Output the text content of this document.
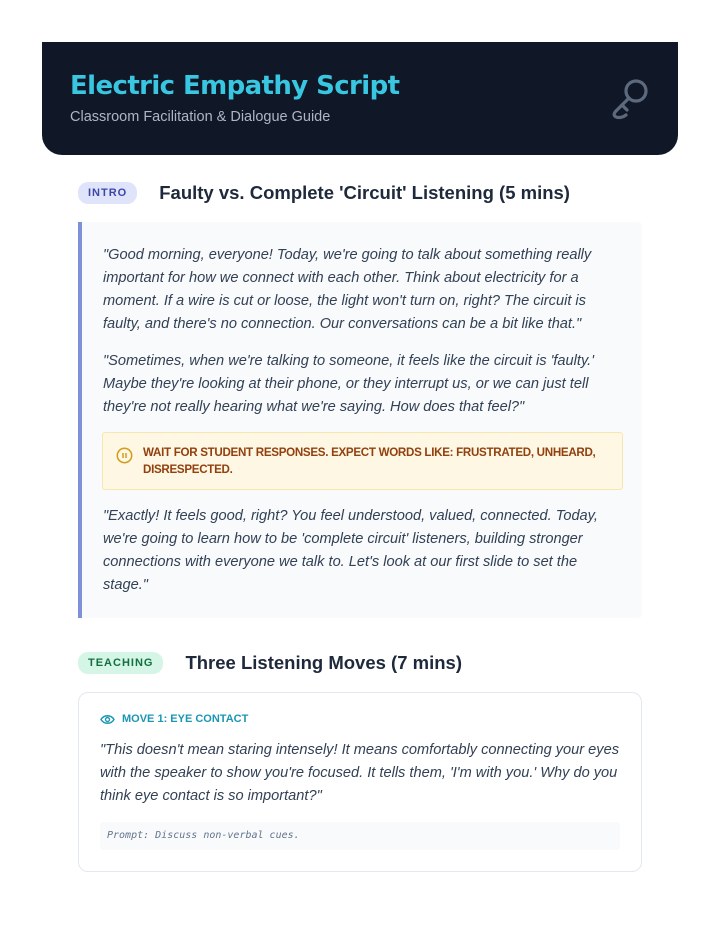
Electric Empathy Script
Classroom Facilitation & Dialogue Guide
INTRO	Faulty vs. Complete 'Circuit' Listening (5 mins)

"Good morning, everyone! Today, we're going to talk about something really important for how we connect with each other. Think about electricity for a moment. If a wire is cut or loose, the light won't turn on, right? The circuit is faulty, and there's no connection. Our conversations can be a bit like that."

"Sometimes, when we're talking to someone, it feels like the circuit is 'faulty.' Maybe they're looking at their phone, or they interrupt us, or we can just tell they're not really hearing what we're saying. How does that feel?"

WAIT FOR STUDENT RESPONSES. EXPECT WORDS LIKE: FRUSTRATED, UNHEARD, DISRESPECTED.

"Exactly! It feels good, right? You feel understood, valued, connected. Today, we're going to learn how to be 'complete circuit' listeners, building stronger connections with everyone we talk to. Let's look at our first slide to set the stage."

TEACHING	Three Listening Moves (7 mins)
MOVE 1: EYE CONTACT

"This doesn't mean staring intensely! It means comfortably connecting your eyes with the speaker to show you're focused. It tells them, 'I'm with you.' Why do you think eye contact is so important?"

Prompt: Discuss non-verbal cues.
